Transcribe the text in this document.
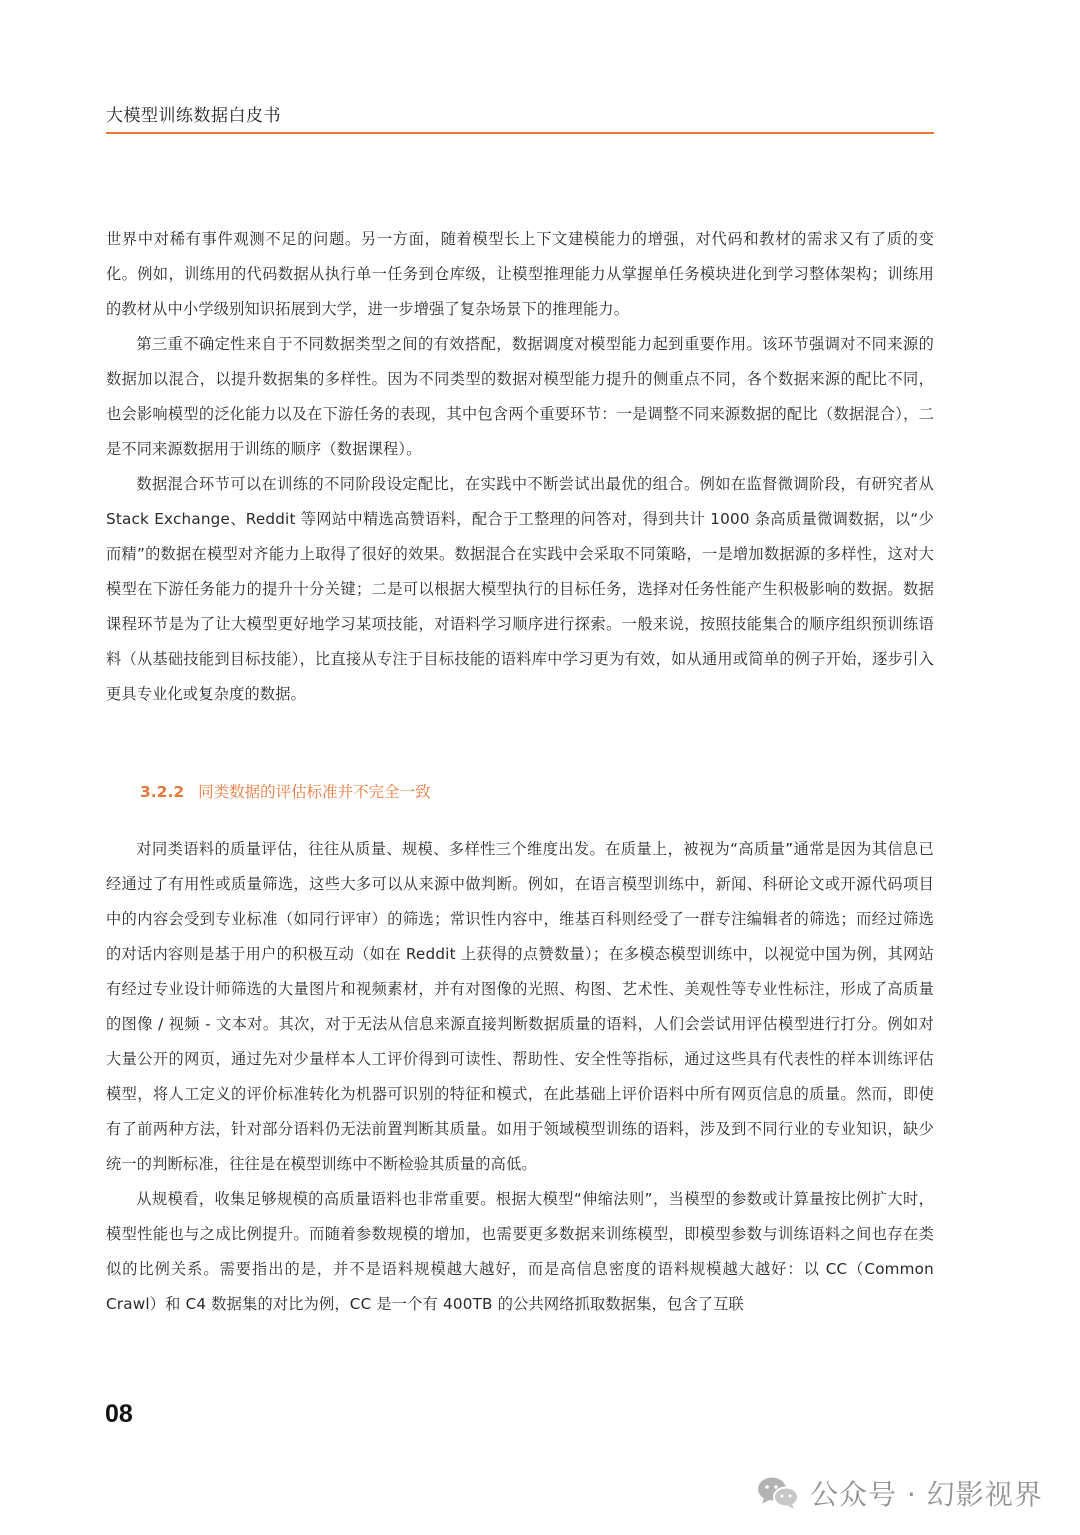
大模型训练数据白皮书

世界中对稀有事件观测不足的问题。另一方面，随着模型长上下文建模能力的增强，对代码和教材的需求又有了质的变化。例如，训练用的代码数据从执行单一任务到仓库级，让模型推理能力从掌握单任务模块进化到学习整体架构；训练用的教材从中小学级别知识拓展到大学，进一步增强了复杂场景下的推理能力。

第三重不确定性来自于不同数据类型之间的有效搭配，数据调度对模型能力起到重要作用。该环节强调对不同来源的数据加以混合，以提升数据集的多样性。因为不同类型的数据对模型能力提升的侧重点不同，各个数据来源的配比不同，也会影响模型的泛化能力以及在下游任务的表现，其中包含两个重要环节：一是调整不同来源数据的配比（数据混合），二是不同来源数据用于训练的顺序（数据课程）。

数据混合环节可以在训练的不同阶段设定配比，在实践中不断尝试出最优的组合。例如在监督微调阶段，有研究者从 Stack Exchange、Reddit 等网站中精选高赞语料，配合于工整理的问答对，得到共计 1000 条高质量微调数据，以“少而精”的数据在模型对齐能力上取得了很好的效果。数据混合在实践中会采取不同策略，一是增加数据源的多样性，这对大模型在下游任务能力的提升十分关键；二是可以根据大模型执行的目标任务，选择对任务性能产生积极影响的数据。数据课程环节是为了让大模型更好地学习某项技能，对语料学习顺序进行探索。一般来说，按照技能集合的顺序组织预训练语料（从基础技能到目标技能），比直接从专注于目标技能的语料库中学习更为有效，如从通用或简单的例子开始，逐步引入更具专业化或复杂度的数据。

3.2.2 同类数据的评估标准并不完全一致

对同类语料的质量评估，往往从质量、规模、多样性三个维度出发。在质量上，被视为“高质量”通常是因为其信息已经通过了有用性或质量筛选，这些大多可以从来源中做判断。例如，在语言模型训练中，新闻、科研论文或开源代码项目中的内容会受到专业标准（如同行评审）的筛选；常识性内容中，维基百科则经受了一群专注编辑者的筛选；而经过筛选的对话内容则是基于用户的积极互动（如在 Reddit 上获得的点赞数量）；在多模态模型训练中，以视觉中国为例，其网站有经过专业设计师筛选的大量图片和视频素材，并有对图像的光照、构图、艺术性、美观性等专业性标注，形成了高质量的图像 / 视频 - 文本对。其次，对于无法从信息来源直接判断数据质量的语料，人们会尝试用评估模型进行打分。例如对大量公开的网页，通过先对少量样本人工评价得到可读性、帮助性、安全性等指标，通过这些具有代表性的样本训练评估模型，将人工定义的评价标准转化为机器可识别的特征和模式，在此基础上评价语料中所有网页信息的质量。然而，即使有了前两种方法，针对部分语料仍无法前置判断其质量。如用于领域模型训练的语料，涉及到不同行业的专业知识，缺少统一的判断标准，往往是在模型训练中不断检验其质量的高低。

从规模看，收集足够规模的高质量语料也非常重要。根据大模型“伸缩法则”，当模型的参数或计算量按比例扩大时，模型性能也与之成比例提升。而随着参数规模的增加，也需要更多数据来训练模型，即模型参数与训练语料之间也存在类似的比例关系。需要指出的是，并不是语料规模越大越好，而是高信息密度的语料规模越大越好：以 CC（Common Crawl）和 C4 数据集的对比为例，CC 是一个有 400TB 的公共网络抓取数据集，包含了互联

08
公众号 · 幻影视界
